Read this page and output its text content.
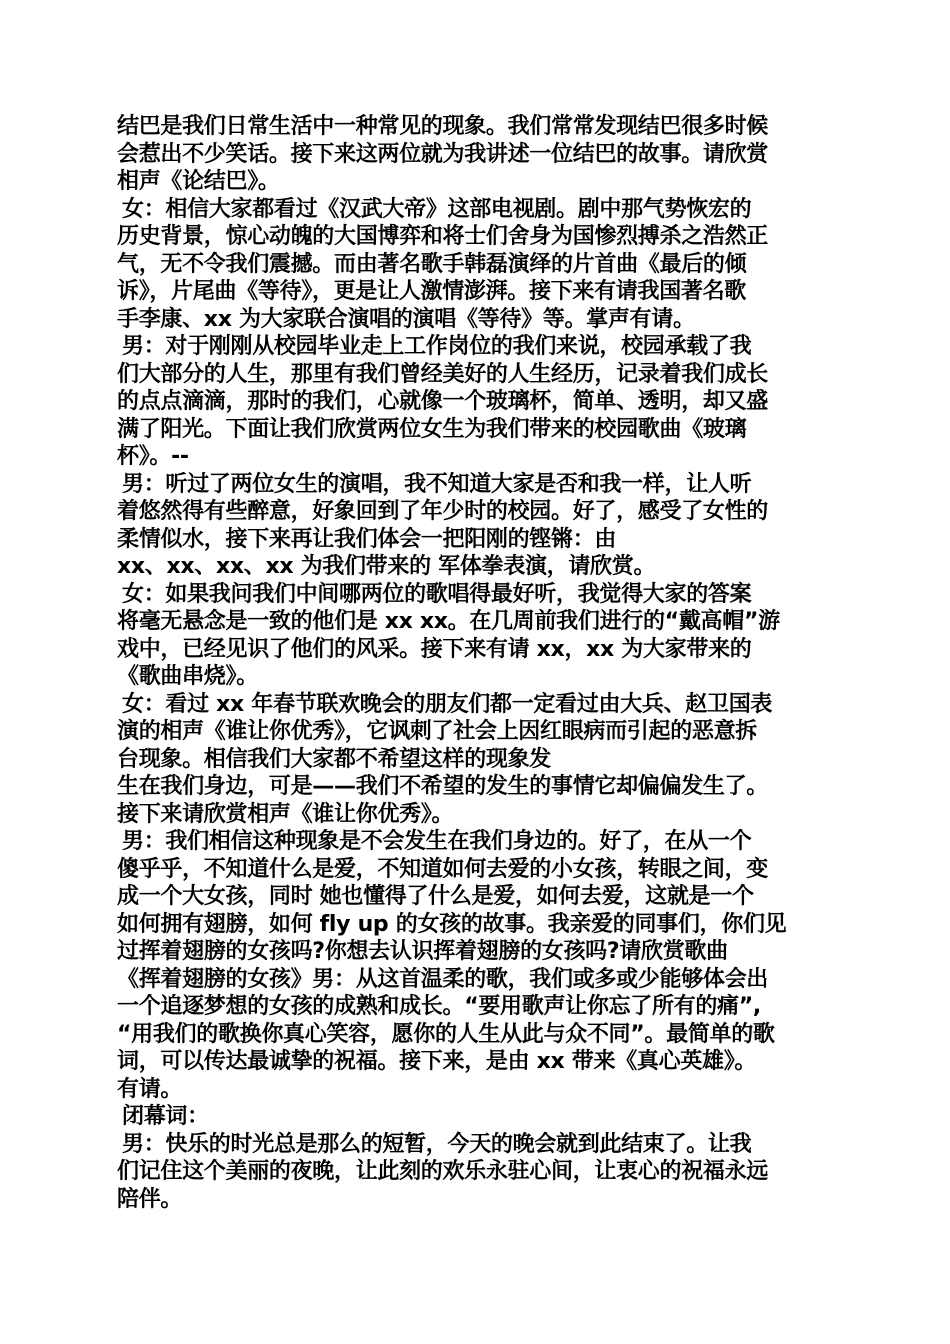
结巴是我们日常生活中一种常见的现象。我们常常发现结巴很多时候
会惹出不少笑话。接下来这两位就为我讲述一位结巴的故事。请欣赏
相声《论结巴》。
女：相信大家都看过《汉武大帝》这部电视剧。剧中那气势恢宏的
历史背景，惊心动魄的大国博弈和将士们舍身为国惨烈搏杀之浩然正
气，无不令我们震撼。而由著名歌手韩磊演绎的片首曲《最后的倾
诉》，片尾曲《等待》，更是让人激情澎湃。接下来有请我国著名歌
手李康、xx 为大家联合演唱的演唱《等待》等。掌声有请。
男：对于刚刚从校园毕业走上工作岗位的我们来说，校园承载了我
们大部分的人生，那里有我们曾经美好的人生经历，记录着我们成长
的点点滴滴，那时的我们，心就像一个玻璃杯，简单、透明，却又盛
满了阳光。下面让我们欣赏两位女生为我们带来的校园歌曲《玻璃
杯》。--
男：听过了两位女生的演唱，我不知道大家是否和我一样，让人听
着悠然得有些醉意，好象回到了年少时的校园。好了，感受了女性的
柔情似水，接下来再让我们体会一把阳刚的铿锵：由
xx、xx、xx、xx 为我们带来的 军体拳表演，请欣赏。
女：如果我问我们中间哪两位的歌唱得最好听，我觉得大家的答案
将毫无悬念是一致的他们是 xx xx。在几周前我们进行的“戴高帽”游
戏中，已经见识了他们的风采。接下来有请 xx，xx 为大家带来的
《歌曲串烧》。
女：看过 xx 年春节联欢晚会的朋友们都一定看过由大兵、赵卫国表
演的相声《谁让你优秀》，它讽刺了社会上因红眼病而引起的恶意拆
台现象。相信我们大家都不希望这样的现象发
生在我们身边，可是——我们不希望的发生的事情它却偏偏发生了。
接下来请欣赏相声《谁让你优秀》。
男：我们相信这种现象是不会发生在我们身边的。好了，在从一个
傻乎乎，不知道什么是爱，不知道如何去爱的小女孩，转眼之间，变
成一个大女孩，同时 她也懂得了什么是爱，如何去爱，这就是一个
如何拥有翅膀，如何 fly up 的女孩的故事。我亲爱的同事们，你们见
过挥着翅膀的女孩吗?你想去认识挥着翅膀的女孩吗?请欣赏歌曲
《挥着翅膀的女孩》男：从这首温柔的歌，我们或多或少能够体会出
一个追逐梦想的女孩的成熟和成长。“要用歌声让你忘了所有的痛”,
“用我们的歌换你真心笑容，愿你的人生从此与众不同”。最简单的歌
词，可以传达最诚挚的祝福。接下来，是由 xx 带来《真心英雄》。
有请。
闭幕词：
男：快乐的时光总是那么的短暂，今天的晚会就到此结束了。让我
们记住这个美丽的夜晚，让此刻的欢乐永驻心间，让衷心的祝福永远
陪伴。
